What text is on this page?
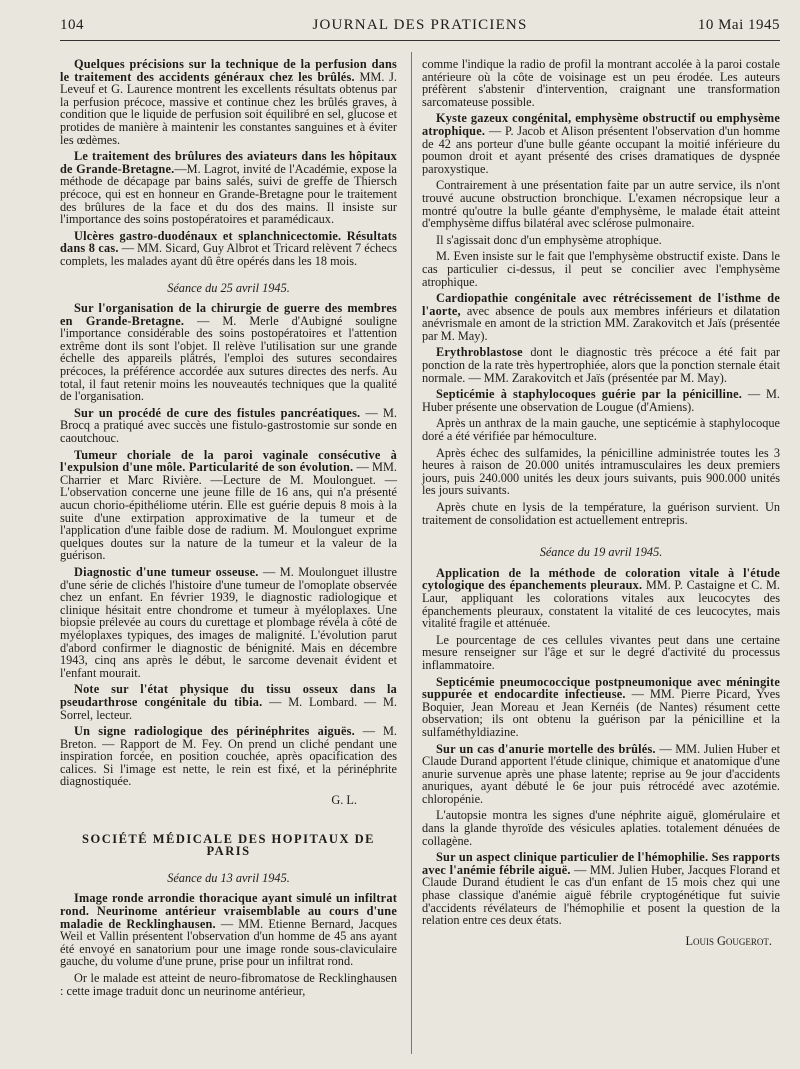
104	JOURNAL DES PRATICIENS	10 Mai 1945

Quelques précisions sur la technique de la perfusion dans le traitement des accidents généraux chez les brûlés. MM. J. Leveuf et G. Laurence montrent les excellents résultats obtenus par la perfusion précoce, massive et continue chez les brûlés graves, à condition que le liquide de perfusion soit équilibré en sel, glucose et protides de manière à maintenir les constantes sanguines et à éviter les œdèmes.

Le traitement des brûlures des aviateurs dans les hôpitaux de Grande-Bretagne.—M. Lagrot, invité de l'Académie, expose la méthode de décapage par bains salés, suivi de greffe de Thiersch précoce, qui est en honneur en Grande-Bretagne pour le traitement des brûlures de la face et du dos des mains. Il insiste sur l'importance des soins postopératoires et paramédicaux.

Ulcères gastro-duodénaux et splanchnicectomie. Résultats dans 8 cas. — MM. Sicard, Guy Albrot et Tricard relèvent 7 échecs complets, les malades ayant dû être opérés dans les 18 mois.

Séance du 25 avril 1945.

Sur l'organisation de la chirurgie de guerre des membres en Grande-Bretagne. — M. Merle d'Aubigné souligne l'importance considérable des soins postopératoires et l'attention extrême dont ils sont l'objet. Il relève l'utilisation sur une grande échelle des appareils plâtrés, l'emploi des sutures secondaires précoces, la préférence accordée aux sutures directes des nerfs. Au total, il faut retenir moins les nouveautés techniques que la qualité de l'organisation.

Sur un procédé de cure des fistules pancréatiques. — M. Brocq a pratiqué avec succès une fistulo-gastrostomie sur sonde en caoutchouc.

Tumeur choriale de la paroi vaginale consécutive à l'expulsion d'une môle. Particularité de son évolution. — MM. Charrier et Marc Rivière. —Lecture de M. Moulonguet. — L'observation concerne une jeune fille de 16 ans, qui n'a présenté aucun chorio-épithéliome utérin. Elle est guérie depuis 8 mois à la suite d'une extirpation approximative de la tumeur et de l'application d'une faible dose de radium. M. Moulonguet exprime quelques doutes sur la nature de la tumeur et la valeur de la guérison.

Diagnostic d'une tumeur osseuse. — M. Moulonguet illustre d'une série de clichés l'histoire d'une tumeur de l'omoplate observée chez un enfant. En février 1939, le diagnostic radiologique et clinique hésitait entre chondrome et tumeur à myéloplaxes. Une biopsie prélevée au cours du curettage et plombage révéla à côté de myéloplaxes typiques, des images de malignité. L'évolution parut d'abord confirmer le diagnostic de bénignité. Mais en décembre 1943, cinq ans après le début, le sarcome devenait évident et l'enfant mourait.

Note sur l'état physique du tissu osseux dans la pseudarthrose congénitale du tibia. — M. Lombard. — M. Sorrel, lecteur.

Un signe radiologique des périnéphrites aiguës. — M. Breton. — Rapport de M. Fey. On prend un cliché pendant une inspiration forcée, en position couchée, après opacification des calices. Si l'image est nette, le rein est fixé, et la périnéphrite diagnostiquée.

G. L.

SOCIÉTÉ MÉDICALE DES HOPITAUX DE PARIS

Séance du 13 avril 1945.

Image ronde arrondie thoracique ayant simulé un infiltrat rond. Neurinome antérieur vraisemblable au cours d'une maladie de Recklinghausen. — MM. Etienne Bernard, Jacques Weil et Vallin présentent l'observation d'un homme de 45 ans ayant été envoyé en sanatorium pour une image ronde sous-claviculaire gauche, du volume d'une prune, prise pour un infiltrat rond.

Or le malade est atteint de neuro-fibromatose de Recklinghausen : cette image traduit donc un neurinome antérieur,

comme l'indique la radio de profil la montrant accolée à la paroi costale antérieure où la côte de voisinage est un peu érodée. Les auteurs préfèrent s'abstenir d'intervention, craignant une transformation sarcomateuse possible.

Kyste gazeux congénital, emphysème obstructif ou emphysème atrophique. — P. Jacob et Alison présentent l'observation d'un homme de 42 ans porteur d'une bulle géante occupant la moitié inférieure du poumon droit et ayant présenté des crises dramatiques de dyspnée paroxystique.

Contrairement à une présentation faite par un autre service, ils n'ont trouvé aucune obstruction bronchique. L'examen nécropsique leur a montré qu'outre la bulle géante d'emphysème, le malade était atteint d'emphysème diffus bilatéral avec sclérose pulmonaire.

Il s'agissait donc d'un emphysème atrophique.

M. Even insiste sur le fait que l'emphysème obstructif existe. Dans le cas particulier ci-dessus, il peut se concilier avec l'emphysème atrophique.

Cardiopathie congénitale avec rétrécissement de l'isthme de l'aorte, avec absence de pouls aux membres inférieurs et dilatation anévrismale en amont de la striction MM. Zarakovitch et Jaïs (présentée par M. May).

Erythroblastose dont le diagnostic très précoce a été fait par ponction de la rate très hypertrophiée, alors que la ponction sternale était normale. — MM. Zarakovitch et Jaïs (présentée par M. May).

Septicémie à staphylocoques guérie par la pénicilline. — M. Huber présente une observation de Lougue (d'Amiens).

Après un anthrax de la main gauche, une septicémie à staphylocoque doré a été vérifiée par hémoculture.

Après échec des sulfamides, la pénicilline administrée toutes les 3 heures à raison de 20.000 unités intramusculaires les deux premiers jours, puis 240.000 unités les deux jours suivants, puis 900.000 unités les jours suivants.

Après chute en lysis de la température, la guérison survient. Un traitement de consolidation est actuellement entrepris.

Séance du 19 avril 1945.

Application de la méthode de coloration vitale à l'étude cytologique des épanchements pleuraux. MM. P. Castaigne et C. M. Laur, appliquant les colorations vitales aux leucocytes des épanchements pleuraux, constatent la vitalité de ces leucocytes, mais vitalité fragile et atténuée.

Le pourcentage de ces cellules vivantes peut dans une certaine mesure renseigner sur l'âge et sur le degré d'activité du processus inflammatoire.

Septicémie pneumococcique postpneumonique avec méningite suppurée et endocardite infectieuse. — MM. Pierre Picard, Yves Boquier, Jean Moreau et Jean Kernéis (de Nantes) résument cette observation; ils ont obtenu la guérison par la pénicilline et la sulfaméthyldiazine.

Sur un cas d'anurie mortelle des brûlés. — MM. Julien Huber et Claude Durand apportent l'étude clinique, chimique et anatomique d'une anurie survenue après une phase latente; reprise au 9e jour d'accidents anuriques, ayant débuté le 6e jour puis rétrocédé avec azotémie. chloropénie.

L'autopsie montra les signes d'une néphrite aiguë, glomérulaire et dans la glande thyroïde des vésicules aplaties. totalement dénuées de collagène.

Sur un aspect clinique particulier de l'hémophilie. Ses rapports avec l'anémie fébrile aiguë. — MM. Julien Huber, Jacques Florand et Claude Durand étudient le cas d'un enfant de 15 mois chez qui une phase classique d'anémie aiguë fébrile cryptogénétique fut suivie d'accidents révélateurs de l'hémophilie et posent la question de la relation entre ces deux états.

Louis Gougerot.
